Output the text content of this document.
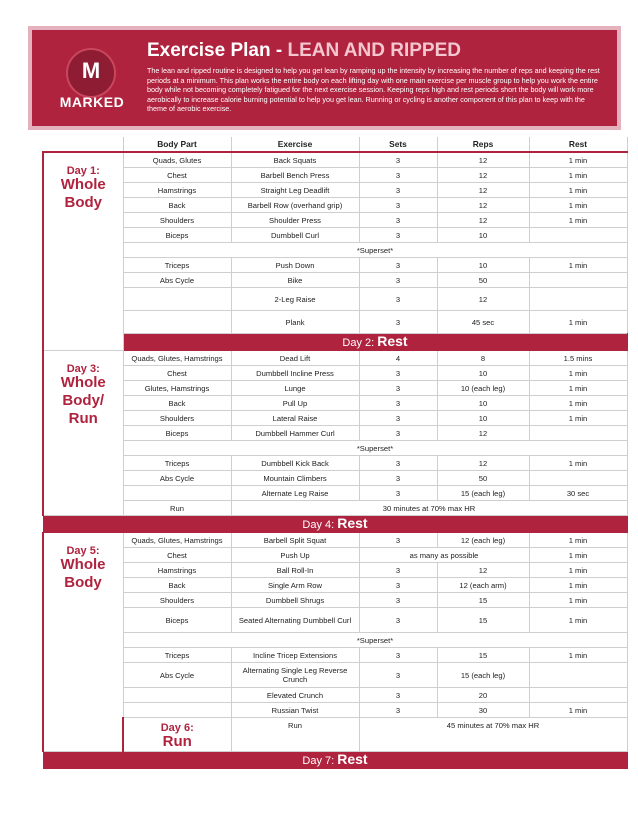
M
MARKED
Exercise Plan - LEAN AND RIPPED
The lean and ripped routine is designed to help you get lean by ramping up the intensity by increasing the number of reps and keeping the rest periods at a minimum. This plan works the entire body on each lifting day with one main exercise per muscle group to help you work the entire body while not becoming completely fatigued for the next exercise session. Keeping reps high and rest periods short the body will work more aerobically to increase calorie burning potential to help you get lean. Running or cycling is another component of this plan to keep with the theme of aerobic exercise.
	Body Part	Exercise	Sets	Reps	Rest

Day 1:
Whole Body	Quads, Glutes	Back Squats	3	12	1 min
	Chest	Barbell Bench Press	3	12	1 min
	Hamstrings	Straight Leg Deadlift	3	12	1 min
	Back	Barbell Row (overhand grip)	3	12	1 min
	Shoulders	Shoulder Press	3	12	1 min
	Biceps	Dumbbell Curl	3	10	
	*Superset*				
	Triceps	Push Down	3	10	1 min
	Abs Cycle	Bike	3	50	
		2-Leg Raise	3	12	
		Plank	3	45 sec	1 min
	Day 2: Rest				

Day 3:
Whole Body/ Run	Quads, Glutes, Hamstrings	Dead Lift	4	8	1.5 mins
	Chest	Dumbbell Incline Press	3	10	1 min
	Glutes, Hamstrings	Lunge	3	10 (each leg)	1 min
	Back	Pull Up	3	10	1 min
	Shoulders	Lateral Raise	3	10	1 min
	Biceps	Dumbbell Hammer Curl	3	12	
	*Superset*				
	Triceps	Dumbbell Kick Back	3	12	1 min
	Abs Cycle	Mountain Climbers	3	50	
		Alternate Leg Raise	3	15 (each leg)	30 sec
	Run	30 minutes at 70% max HR			
Day 4: Rest					

Day 5:
Whole Body	Quads, Glutes, Hamstrings	Barbell Split Squat	3	12 (each leg)	1 min
	Chest	Push Up	as many as possible		1 min
	Hamstrings	Ball Roll-In	3	12	1 min
	Back	Single Arm Row	3	12 (each arm)	1 min
	Shoulders	Dumbbell Shrugs	3	15	1 min
	Biceps	Seated Alternating Dumbbell Curl	3	15	1 min
	*Superset*				
	Triceps	Incline Tricep Extensions	3	15	1 min
	Abs Cycle	Alternating Single Leg Reverse Crunch	3	15 (each leg)	
		Elevated Crunch	3	20	
		Russian Twist	3	30	1 min

	Day 6:
Run	Run	45 minutes at 70% max HR		
Day 7: Rest					
